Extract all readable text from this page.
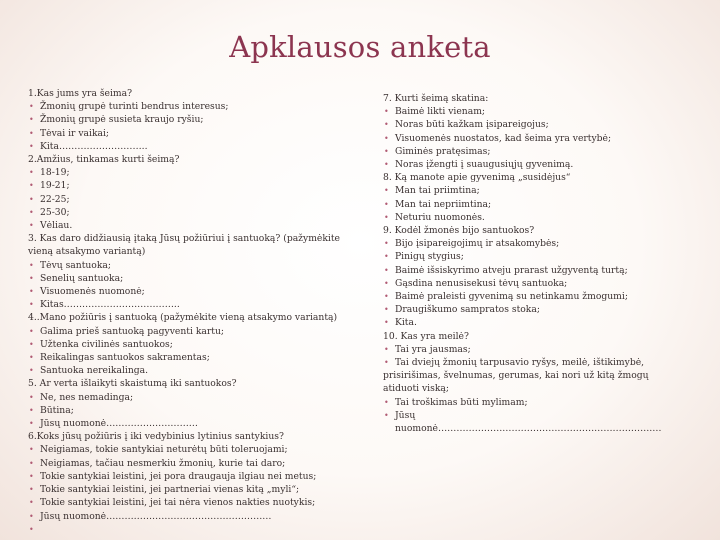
Apklausos anketa
1.Kas jums yra šeima?
• Žmonių grupė turinti bendrus interesus;
• Žmonių grupė susieta kraujo ryšiu;
• Tėvai ir vaikai;
• Kita………………………..
2.Amžius, tinkamas kurti šeimą?
• 18-19;
• 19-21;
• 22-25;
• 25-30;
• Vėliau.
3. Kas daro didžiausią įtaką Jūsų požiūriui į santuoką? (pažymėkite vieną atsakymo variantą)
• Tėvų santuoka;
• Senelių santuoka;
• Visuomenės nuomonė;
• Kitas………………………………..
4..Mano požiūris į santuoką (pažymėkite vieną atsakymo variantą)
• Galima prieš santuoką pagyventi kartu;
• Užtenka civilinės santuokos;
• Reikalingas santuokos sakramentas;
• Santuoka nereikalinga.
5. Ar verta išlaikyti skaistumą iki santuokos?
• Ne, nes nemadinga;
• Būtina;
• Jūsų nuomonė…………………………
6.Koks jūsų požiūris į iki vedybinius lytinius santykius?
• Neigiamas, tokie santykiai neturėtų būti toleruojami;
• Neigiamas, tačiau nesmerkiu žmonių, kurie tai daro;
• Tokie santykiai leistini, jei pora draugauja ilgiau nei metus;
• Tokie santykiai leistini, jei partneriai vienas kitą „myli“;
• Tokie santykiai leistini, jei tai nėra vienos nakties nuotykis;
• Jūsų nuomonė………………………………………………
•
7. Kurti šeimą skatina:
• Baimė likti vienam;
• Noras būti kažkam įsipareigojus;
• Visuomenės nuostatos, kad šeima yra vertybė;
• Giminės pratęsimas;
• Noras įžengti į suaugusiųjų gyvenimą.
8. Ką manote apie gyvenimą „susidėjus“
• Man tai priimtina;
• Man tai nepriimtina;
• Neturiu nuomonės.
9. Kodėl žmonės bijo santuokos?
• Bijo įsipareigojimų ir atsakomybės;
• Pinigų stygius;
• Baimė išsiskyrimo atveju prarast užgyventą turtą;
• Gąsdina nenusisekusi tėvų santuoka;
• Baimė praleisti gyvenimą su netinkamu žmogumi;
• Draugiškumo sampratos stoka;
• Kita.
10. Kas yra meilė?
• Tai yra jausmas;
• Tai dviejų žmonių tarpusavio ryšys, meilė, ištikimybė,
prisirišimas, švelnumas, gerumas, kai nori už kitą žmogų atiduoti viską;
• Tai troškimas būti mylimam;
• Jūsų nuomonė……………………………………………………………….
